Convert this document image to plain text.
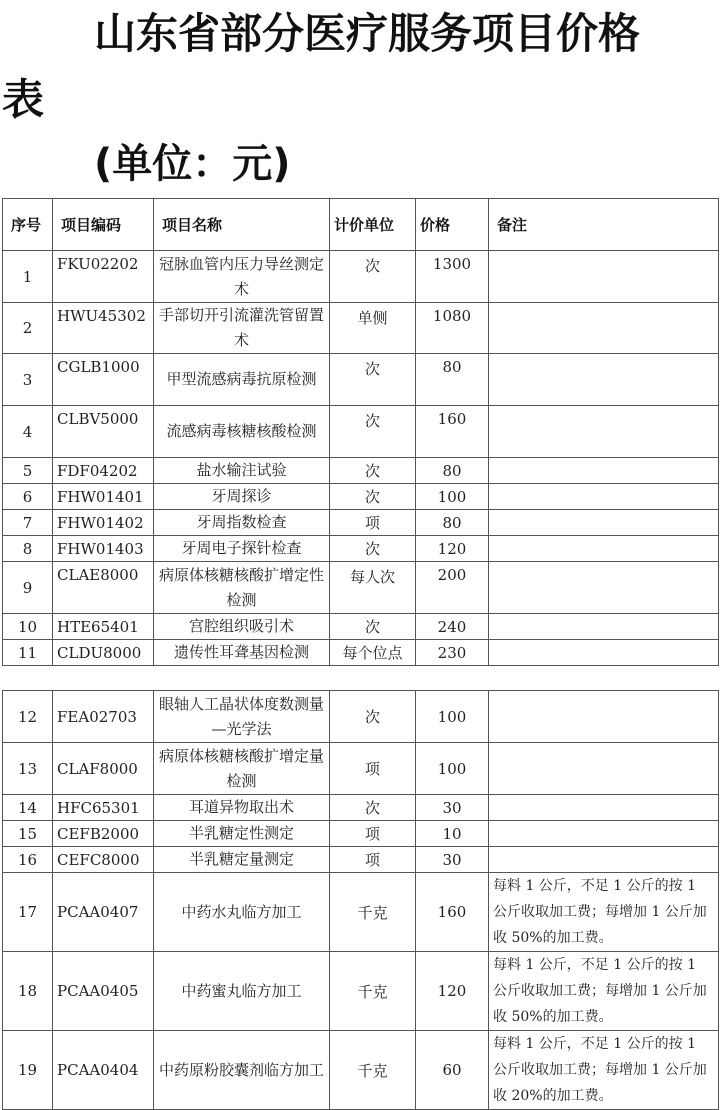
山东省部分医疗服务项目价格
表
(单位：元)
序号	项目编码	项目名称	计价单位	价格	备注
1	FKU02202	冠脉血管内压力导丝测定术	次	1300	
2	HWU45302	手部切开引流灌洗管留置术	单侧	1080	
3	CGLB1000	甲型流感病毒抗原检测	次	80	
4	CLBV5000	流感病毒核糖核酸检测	次	160	
5	FDF04202	盐水输注试验	次	80	
6	FHW01401	牙周探诊	次	100	
7	FHW01402	牙周指数检查	项	80	
8	FHW01403	牙周电子探针检查	次	120	
9	CLAE8000	病原体核糖核酸扩增定性检测	每人次	200	
10	HTE65401	宫腔组织吸引术	次	240	
11	CLDU8000	遗传性耳聋基因检测	每个位点	230	
12	FEA02703	眼轴人工晶状体度数测量—光学法	次	100	
13	CLAF8000	病原体核糖核酸扩增定量检测	项	100	
14	HFC65301	耳道异物取出术	次	30	
15	CEFB2000	半乳糖定性测定	项	10	
16	CEFC8000	半乳糖定量测定	项	30	
17	PCAA0407	中药水丸临方加工	千克	160	每料 1 公斤，不足 1 公斤的按 1 公斤收取加工费；每增加 1 公斤加收 50%的加工费。
18	PCAA0405	中药蜜丸临方加工	千克	120	每料 1 公斤，不足 1 公斤的按 1 公斤收取加工费；每增加 1 公斤加收 50%的加工费。
19	PCAA0404	中药原粉胶囊剂临方加工	千克	60	每料 1 公斤，不足 1 公斤的按 1 公斤收取加工费；每增加 1 公斤加收 20%的加工费。
